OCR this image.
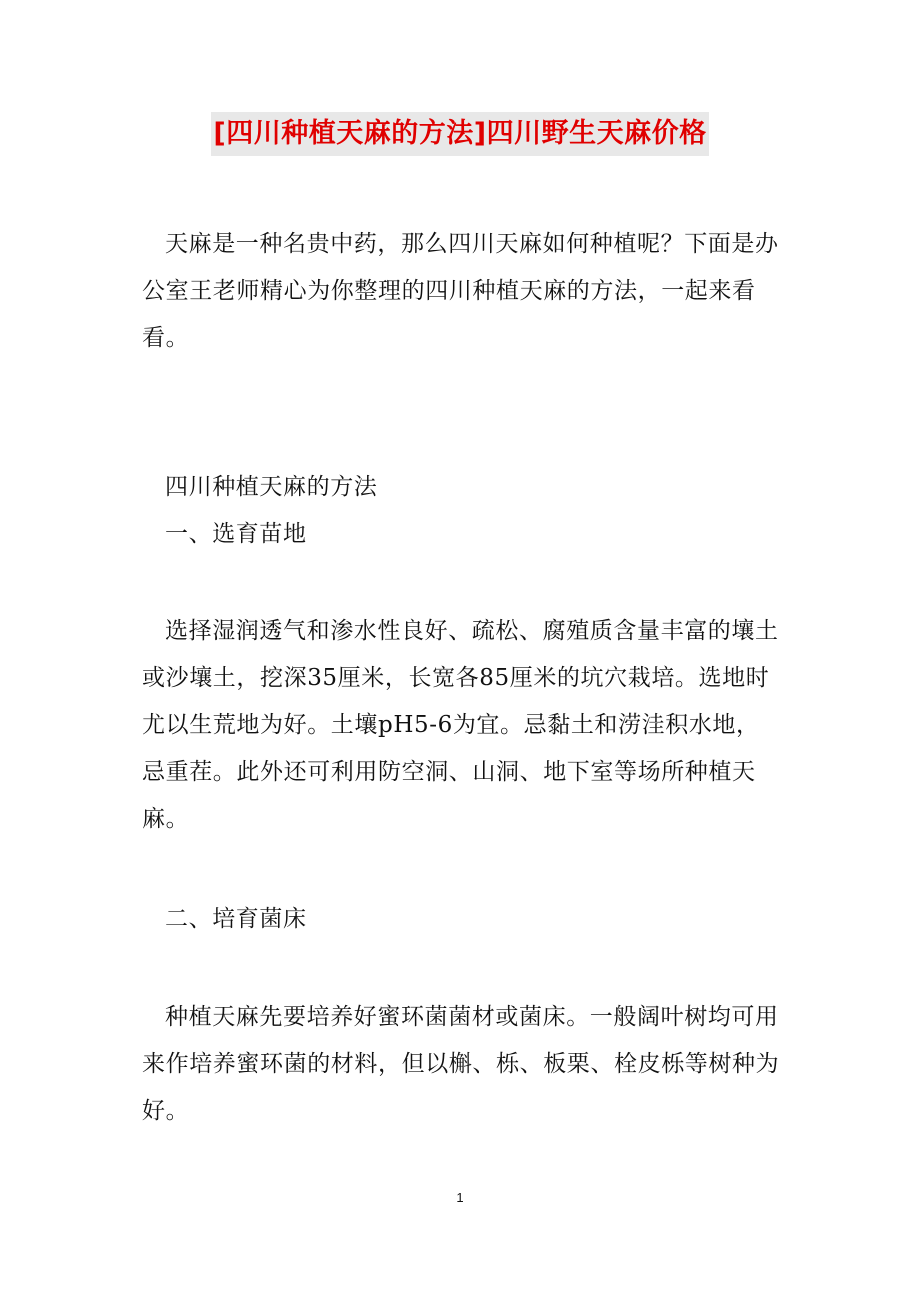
[四川种植天麻的方法]四川野生天麻价格

天麻是一种名贵中药，那么四川天麻如何种植呢？下面是办公室王老师精心为你整理的四川种植天麻的方法，一起来看看。

四川种植天麻的方法

一、选育苗地

选择湿润透气和渗水性良好、疏松、腐殖质含量丰富的壤土或沙壤土，挖深35厘米，长宽各85厘米的坑穴栽培。选地时尤以生荒地为好。土壤pH5-6为宜。忌黏土和涝洼积水地，忌重茬。此外还可利用防空洞、山洞、地下室等场所种植天麻。

二、培育菌床

种植天麻先要培养好蜜环菌菌材或菌床。一般阔叶树均可用来作培养蜜环菌的材料，但以槲、栎、板栗、栓皮栎等树种为好。

1
